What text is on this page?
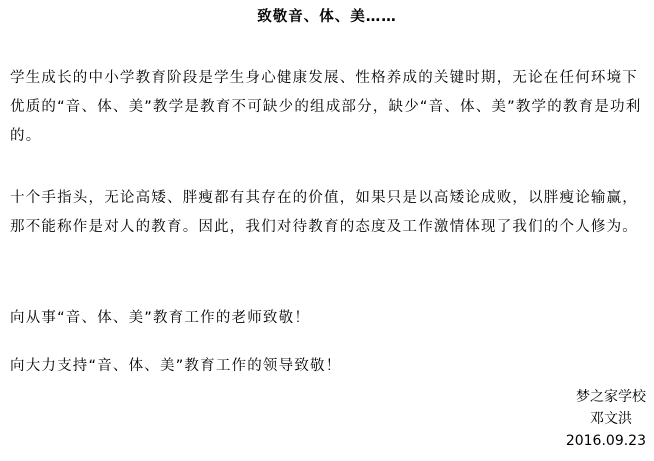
致敬音、体、美……

学生成长的中小学教育阶段是学生身心健康发展、性格养成的关键时期，无论在任何环境下优质的“音、体、美”教学是教育不可缺少的组成部分，缺少“音、体、美”教学的教育是功利的。

十个手指头，无论高矮、胖瘦都有其存在的价值，如果只是以高矮论成败，以胖瘦论输赢，那不能称作是对人的教育。因此，我们对待教育的态度及工作激情体现了我们的个人修为。

向从事“音、体、美”教育工作的老师致敬！

向大力支持“音、体、美”教育工作的领导致敬！

梦之家学校
邓文洪
2016.09.23
